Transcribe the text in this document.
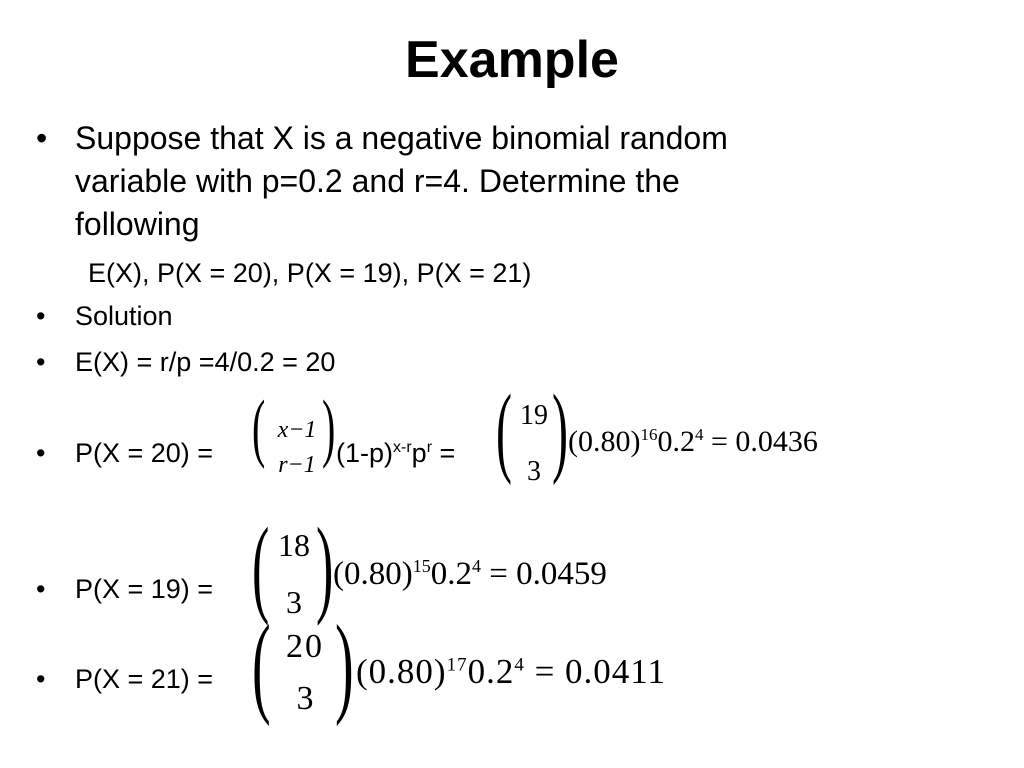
Example
• Suppose that X is a negative binomial random
variable with p=0.2 and r=4. Determine the
following
E(X), P(X = 20), P(X = 19), P(X = 21)
• Solution
• E(X) = r/p =4/0.2 = 20
• P(X = 20) = ( x−1
r−1 ) $(1-p)^{x-r}p^r$ = ( 19
3 ) $(0.80)^{16}0.2^4 = 0.0436$
• P(X = 19) = ( 18
3 ) $(0.80)^{15}0.2^4 = 0.0459$
• P(X = 21) = ( 20
3 ) $(0.80)^{17}0.2^4 = 0.0411$
